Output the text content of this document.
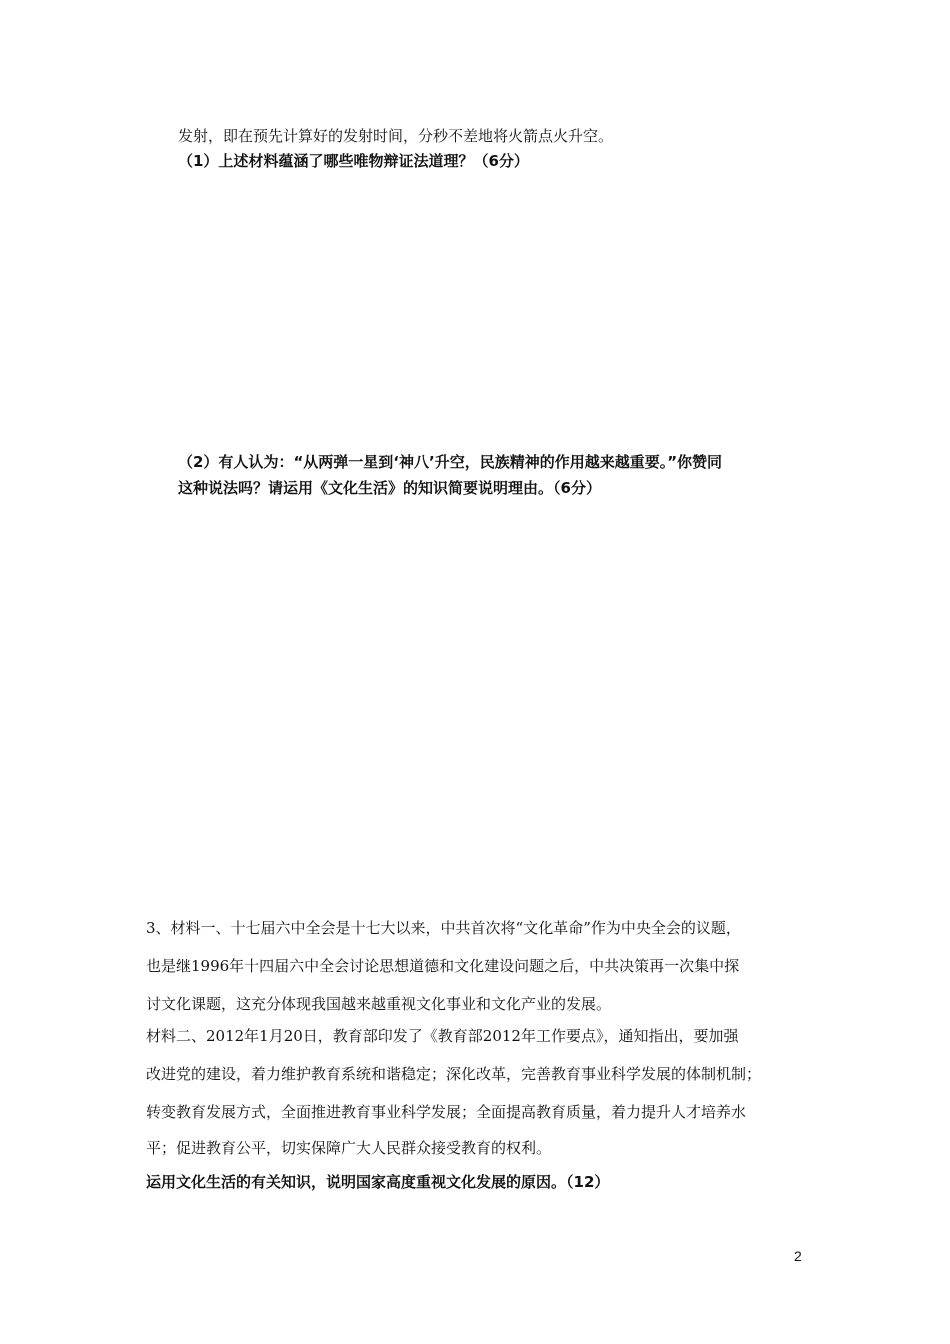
发射，即在预先计算好的发射时间，分秒不差地将火箭点火升空。
（1）上述材料蕴涵了哪些唯物辩证法道理？（6分）
（2）有人认为：“从两弹一星到‘神八’升空，民族精神的作用越来越重要。”你赞同
这种说法吗？请运用《文化生活》的知识简要说明理由。（6分）
3、材料一、十七届六中全会是十七大以来，中共首次将“文化革命”作为中央全会的议题，
也是继1996年十四届六中全会讨论思想道德和文化建设问题之后，中共决策再一次集中探
讨文化课题，这充分体现我国越来越重视文化事业和文化产业的发展。
材料二、2012年1月20日，教育部印发了《教育部2012年工作要点》，通知指出，要加强
改进党的建设，着力维护教育系统和谐稳定；深化改革，完善教育事业科学发展的体制机制；
转变教育发展方式，全面推进教育事业科学发展；全面提高教育质量，着力提升人才培养水
平；促进教育公平，切实保障广大人民群众接受教育的权利。
运用文化生活的有关知识，说明国家高度重视文化发展的原因。（12）
2
